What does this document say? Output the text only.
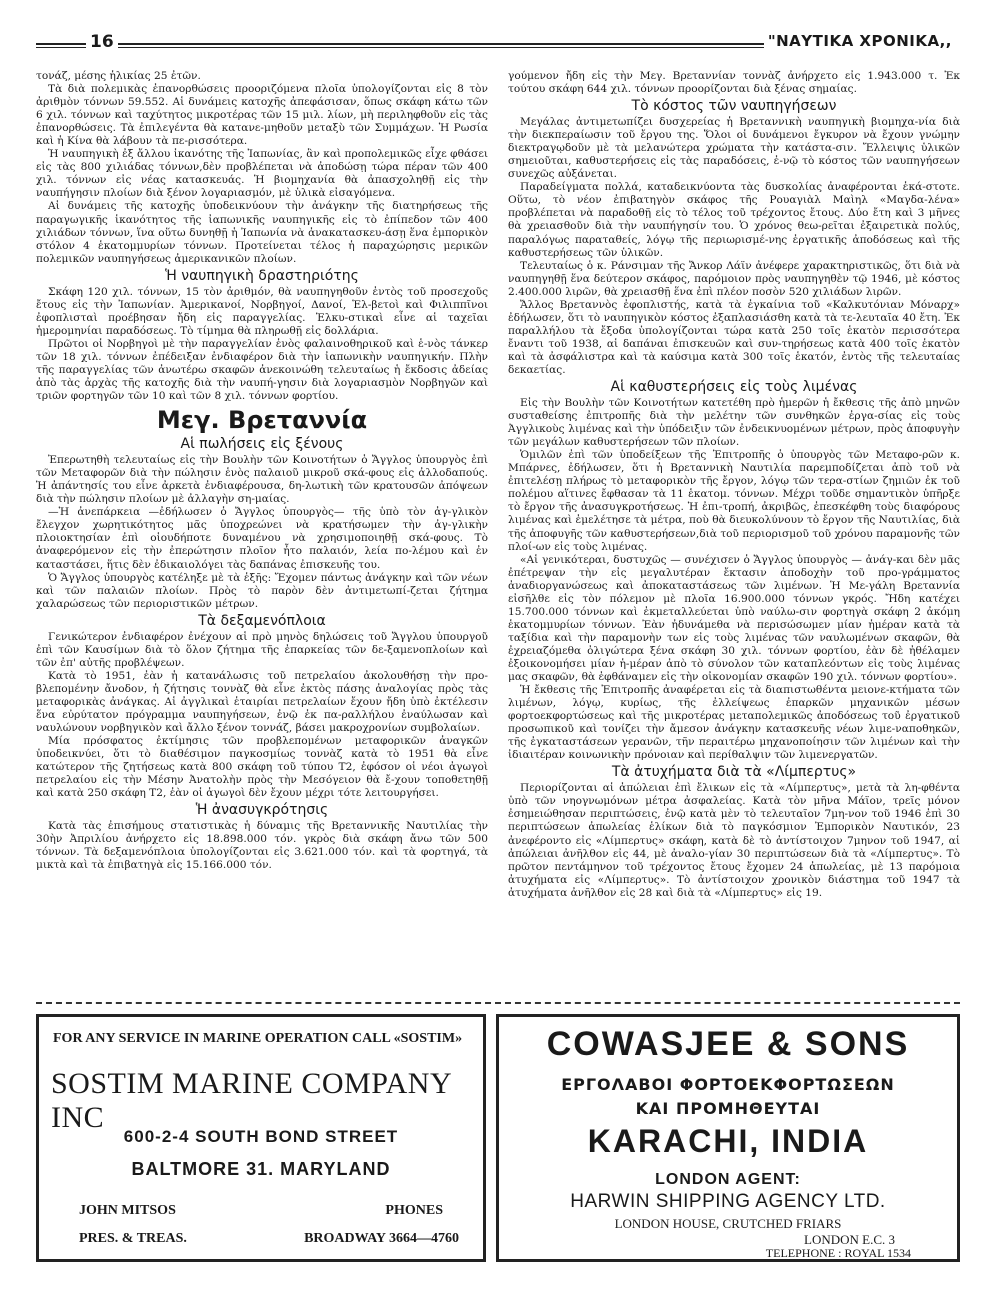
16	"ΝΑΥΤΙΚΑ ΧΡΟΝΙΚΑ,,

τονάζ, μέσης ἡλικίας 25 ἐτῶν.

Τὰ διὰ πολεμικὰς ἐπανορθώσεις προοριζόμενα πλοῖα ὑπολογίζονται εἰς 8 τὸν ἀριθμὸν τόννων 59.552. Αἱ δυνάμεις κατοχῆς ἀπεφάσισαν, ὅπως σκάφη κάτω τῶν 6 χιλ. τόννων καὶ ταχύτητος μικροτέρας τῶν 15 μιλ. λίων, μὴ περιληφθοῦν εἰς τὰς ἐπανορθώσεις. Τὰ ἐπιλεγέντα θὰ κατανε-μηθοῦν μεταξὺ τῶν Συμμάχων. Ἡ Ρωσία καὶ ἡ Κίνα θὰ λάβουν τὰ πε-ρισσότερα.

Ἡ ναυπηγικὴ ἐξ ἄλλου ἱκανότης τῆς Ἰαπωνίας, ἂν καὶ προπολεμικῶς εἶχε φθάσει εἰς τὰς 800 χιλιάδας τόννων,δὲν προβλέπεται νὰ ἀποδώσῃ τώρα πέραν τῶν 400 χιλ. τόννων εἰς νέας κατασκευάς. Ἡ βιομηχανία θὰ ἀπασχοληθῇ εἰς τὴν ναυπήγησιν πλοίων διὰ ξένον λογαριασμόν, μὲ ὑλικὰ εἰσαγόμενα.

Αἱ δυνάμεις τῆς κατοχῆς ὑποδεικνύουν τὴν ἀνάγκην τῆς διατηρήσεως τῆς παραγωγικῆς ἱκανότητος τῆς ἰαπωνικῆς ναυπηγικῆς εἰς τὸ ἐπίπεδον τῶν 400 χιλιάδων τόννων, ἵνα οὕτω δυνηθῇ ἡ Ἰαπωνία νὰ ἀνακατασκευ-άσῃ ἕνα ἐμπορικὸν στόλον 4 ἑκατομμυρίων τόννων. Προτείνεται τέλος ἡ παραχώρησις μερικῶν πολεμικῶν ναυπηγήσεως ἀμερικανικῶν πλοίων.

Ἡ ναυπηγικὴ δραστηριότης

Σκάφη 120 χιλ. τόννων, 15 τὸν ἀριθμόν, θὰ ναυπηγηθοῦν ἐντὸς τοῦ προσεχοῦς ἔτους εἰς τὴν Ἰαπωνίαν. Ἀμερικανοί, Νορβηγοί, Δανοί, Ἑλ-βετοὶ καὶ Φιλιππῖνοι ἐφοπλισταὶ προέβησαν ἤδη εἰς παραγγελίας. Ἑλκυ-στικαὶ εἶνε αἱ ταχεῖαι ἡμερομηνίαι παραδόσεως. Τὸ τίμημα θὰ πληρωθῇ εἰς δολλάρια.

Πρῶτοι οἱ Νορβηγοὶ μὲ τὴν παραγγελίαν ἑνὸς φαλαινοθηρικοῦ καὶ ἑ-νὸς τάνκερ τῶν 18 χιλ. τόννων ἐπέδειξαν ἐνδιαφέρον διὰ τὴν ἰαπωνικὴν ναυπηγικήν. Πλὴν τῆς παραγγελίας τῶν ἀνωτέρω σκαφῶν ἀνεκοινώθη τελευταίως ἡ ἔκδοσις ἀδείας ἀπὸ τὰς ἀρχὰς τῆς κατοχῆς διὰ τὴν ναυπή-γησιν διὰ λογαριασμὸν Νορβηγῶν καὶ τριῶν φορτηγῶν τῶν 10 καὶ τῶν 8 χιλ. τόννων φορτίου.

Μεγ. Βρεταννία
Αἱ πωλήσεις εἰς ξένους

Ἐπερωτηθὴ τελευταίως εἰς τὴν Βουλὴν τῶν Κοινοτήτων ὁ Ἄγγλος ὑπουργὸς ἐπὶ τῶν Μεταφορῶν διὰ τὴν πώλησιν ἑνὸς παλαιοῦ μικροῦ σκά-φους εἰς ἀλλοδαπούς. Ἡ ἀπάντησίς του εἶνε ἀρκετὰ ἐνδιαφέρουσα, δη-λωτικὴ τῶν κρατουσῶν ἀπόψεων διὰ τὴν πώλησιν πλοίων μὲ ἀλλαγὴν ση-μαίας.

—Ἡ ἀνεπάρκεια —ἐδήλωσεν ὁ Ἄγγλος ὑπουργὸς— τῆς ὑπὸ τὸν ἀγ-γλικὸν ἔλεγχον χωρητικότητος μᾶς ὑποχρεώνει νὰ κρατήσωμεν τὴν ἀγ-γλικὴν πλοιοκτησίαν ἐπὶ οἱουδήποτε δυναμένου νὰ χρησιμοποιηθῇ σκά-φους. Τὸ ἀναφερόμενον εἰς τὴν ἐπερώτησιν πλοῖον ἦτο παλαιόν, λεία πο-λέμου καὶ ἐν καταστάσει, ἥτις δὲν ἐδικαιολόγει τὰς δαπάνας ἐπισκευῆς του.

Ὁ Ἄγγλος ὑπουργὸς κατέληξε μὲ τὰ ἑξῆς: Ἔχομεν πάντως ἀνάγκην καὶ τῶν νέων καὶ τῶν παλαιῶν πλοίων. Πρὸς τὸ παρὸν δὲν ἀντιμετωπί-ζεται ζήτημα χαλαρώσεως τῶν περιοριστικῶν μέτρων.

Τὰ δεξαμενόπλοια

Γενικώτερον ἐνδιαφέρον ἐνέχουν αἱ πρὸ μηνὸς δηλώσεις τοῦ Ἄγγλου ὑπουργοῦ ἐπὶ τῶν Καυσίμων διὰ τὸ ὅλον ζήτημα τῆς ἐπαρκείας τῶν δε-ξαμενοπλοίων καὶ τῶν ἐπ' αὐτῆς προβλέψεων.

Κατὰ τὸ 1951, ἐὰν ἡ κατανάλωσις τοῦ πετρελαίου ἀκολουθήσῃ τὴν προ-βλεπομένην ἄνοδον, ἡ ζήτησις τοννὰζ θὰ εἶνε ἐκτὸς πάσης ἀναλογίας πρὸς τὰς μεταφορικὰς ἀνάγκας. Αἱ ἀγγλικαὶ ἑταιρίαι πετρελαίων ἔχουν ἤδη ὑπὸ ἐκτέλεσιν ἕνα εὐρύτατον πρόγραμμα ναυπηγήσεων, ἐνῷ ἐκ πα-ραλλήλου ἐναύλωσαν καὶ ναυλώνουν νορβηγικὸν καὶ ἄλλο ξένον τοννάζ, βάσει μακροχρονίων συμβολαίων.

Μία πρόσφατος ἐκτίμησις τῶν προβλεπομένων μεταφορικῶν ἀναγκῶν ὑποδεικνύει, ὅτι τὸ διαθέσιμον παγκοσμίως τοννὰζ κατὰ τὸ 1951 θὰ εἶνε κατώτερον τῆς ζητήσεως κατὰ 800 σκάφη τοῦ τύπου Τ2, ἐφόσον οἱ νέοι ἀγωγοὶ πετρελαίου εἰς τὴν Μέσην Ἀνατολὴν πρὸς τὴν Μεσόγειον θὰ ἔ-χουν τοποθετηθῇ καὶ κατὰ 250 σκάφη Τ2, ἐὰν οἱ ἀγωγοὶ δὲν ἔχουν μέχρι τότε λειτουργήσει.

Ἡ ἀνασυγκρότησις

Κατὰ τὰς ἐπισήμους στατιστικὰς ἡ δύναμις τῆς Βρεταννικῆς Ναυτιλίας τὴν 30ὴν Ἀπριλίου ἀνήρχετο εἰς 18.898.000 τόν. γκρὸς διὰ σκάφη ἄνω τῶν 500 τόννων. Τὰ δεξαμενόπλοια ὑπολογίζονται εἰς 3.621.000 τόν. καὶ τὰ φορτηγά, τὰ μικτὰ καὶ τὰ ἐπιβατηγὰ εἰς 15.166.000 τόν.

γούμενον ἤδη εἰς τὴν Μεγ. Βρεταννίαν τοννὰζ ἀνήρχετο εἰς 1.943.000 τ. Ἐκ τούτου σκάφη 644 χιλ. τόννων προορίζονται διὰ ξένας σημαίας.

Τὸ κόστος τῶν ναυπηγήσεων

Μεγάλας ἀντιμετωπίζει δυσχερείας ἡ Βρεταννικὴ ναυπηγικὴ βιομηχα-νία διὰ τὴν διεκπεραίωσιν τοῦ ἔργου της. Ὅλοι οἱ δυνάμενοι ἔγκυρον νὰ ἔχουν γνώμην διεκτραγῳδοῦν μὲ τὰ μελανώτερα χρώματα τὴν κατάστα-σιν. Ἔλλειψις ὑλικῶν σημειοῦται, καθυστερήσεις εἰς τὰς παραδόσεις, ἐ-νῷ τὸ κόστος τῶν ναυπηγήσεων συνεχῶς αὐξάνεται.

Παραδείγματα πολλά, καταδεικνύοντα τὰς δυσκολίας ἀναφέρονται ἑκά-στοτε. Οὕτω, τὸ νέον ἐπιβατηγὸν σκάφος τῆς Ρουαγιὰλ Μαὶηλ «Μαγδα-λένα» προβλέπεται νὰ παραδοθῇ εἰς τὸ τέλος τοῦ τρέχοντος ἔτους. Δύο ἔτη καὶ 3 μῆνες θὰ χρειασθοῦν διὰ τὴν ναυπήγησίν του. Ὁ χρόνος θεω-ρεῖται ἐξαιρετικὰ πολύς, παραλόγως παραταθείς, λόγῳ τῆς περιωρισμέ-νης ἐργατικῆς ἀποδόσεως καὶ τῆς καθυστερήσεως τῶν ὑλικῶν.

Τελευταίως ὁ κ. Ράνσιμαν τῆς Ἄνκορ Λάϊν ἀνέφερε χαρακτηριστικῶς, ὅτι διὰ νὰ ναυπηγηθῇ ἕνα δεύτερον σκάφος, παρόμοιον πρὸς ναυπηγηθὲν τῷ 1946, μὲ κόστος 2.400.000 λιρῶν, θὰ χρειασθῇ ἕνα ἐπὶ πλέον ποσὸν 520 χιλιάδων λιρῶν.

Ἄλλος Βρεταννὸς ἐφοπλιστής, κατὰ τὰ ἐγκαίνια τοῦ «Καλκυτόνιαν Μόναρχ» ἐδήλωσεν, ὅτι τὸ ναυπηγικὸν κόστος ἐξαπλασιάσθη κατὰ τὰ τε-λευταῖα 40 ἔτη. Ἐκ παραλλήλου τὰ ἔξοδα ὑπολογίζονται τώρα κατὰ 250 τοῖς ἑκατὸν περισσότερα ἔναντι τοῦ 1938, αἱ δαπάναι ἐπισκευῶν καὶ συν-τηρήσεως κατὰ 400 τοῖς ἑκατὸν καὶ τὰ ἀσφάλιστρα καὶ τὰ καύσιμα κατὰ 300 τοῖς ἑκατόν, ἐντὸς τῆς τελευταίας δεκαετίας.

Αἱ καθυστερήσεις εἰς τοὺς λιμένας

Εἰς τὴν Βουλὴν τῶν Κοινοτήτων κατετέθη πρὸ ἡμερῶν ἡ ἔκθεσις τῆς ἀπὸ μηνῶν συσταθείσης ἐπιτροπῆς διὰ τὴν μελέτην τῶν συνθηκῶν ἐργα-σίας εἰς τοὺς Ἀγγλικοὺς λιμένας καὶ τὴν ὑπόδειξιν τῶν ἐνδεικνυομένων μέτρων, πρὸς ἀποφυγὴν τῶν μεγάλων καθυστερήσεων τῶν πλοίων.

Ὁμιλῶν ἐπὶ τῶν ὑποδείξεων τῆς Ἐπιτροπῆς ὁ ὑπουργὸς τῶν Μεταφο-ρῶν κ. Μπάρνες, ἐδήλωσεν, ὅτι ἡ Βρεταννικὴ Ναυτιλία παρεμποδίζεται ἀπὸ τοῦ νὰ ἐπιτελέσῃ πλήρως τὸ μεταφορικὸν τῆς ἔργον, λόγῳ τῶν τερα-στίων ζημιῶν ἐκ τοῦ πολέμου αἵτινες ἔφθασαν τὰ 11 ἑκατομ. τόννων. Μέχρι τοῦδε σημαντικὸν ὑπῆρξε τὸ ἔργον τῆς ἀνασυγκροτήσεως. Ἡ ἐπι-τροπή, ἀκριβῶς, ἐπεσκέφθη τοὺς διαφόρους λιμένας καὶ ἐμελέτησε τὰ μέτρα, ποὺ θὰ διευκολύνουν τὸ ἔργον τῆς Ναυτιλίας, διὰ τῆς ἀποφυγῆς τῶν καθυστερήσεων,διὰ τοῦ περιορισμοῦ τοῦ χρόνου παραμονῆς τῶν πλοί-ων εἰς τοὺς λιμένας.

«Αἱ γενικότεραι, δυστυχῶς — συνέχισεν ὁ Ἄγγλος ὑπουργὸς — ἀνάγ-και δὲν μᾶς ἐπέτρεψαν τὴν εἰς μεγαλυτέραν ἔκτασιν ἀποδοχὴν τοῦ προ-γράμματος ἀναδιοργανώσεως καὶ ἀποκαταστάσεως τῶν λιμένων. Ἡ Με-γάλη Βρεταννία εἰσῆλθε εἰς τὸν πόλεμον μὲ πλοῖα 16.900.000 τόννων γκρός. Ἤδη κατέχει 15.700.000 τόννων καὶ ἐκμεταλλεύεται ὑπὸ ναύλω-σιν φορτηγὰ σκάφη 2 ἀκόμη ἑκατομμυρίων τόννων. Ἐὰν ἠδυνάμεθα νὰ περισώσωμεν μίαν ἡμέραν κατὰ τὰ ταξίδια καὶ τὴν παραμονὴν των εἰς τοὺς λιμένας τῶν ναυλωμένων σκαφῶν, θὰ ἐχρειαζόμεθα ὀλιγώτερα ξένα σκάφη 30 χιλ. τόννων φορτίου, ἐὰν δὲ ἠθέλαμεν ἐξοικονομήσει μίαν ἡ-μέραν ἀπὸ τὸ σύνολον τῶν καταπλεόντων εἰς τοὺς λιμένας μας σκαφῶν, θὰ ἐφθάναμεν εἰς τὴν οἰκονομίαν σκαφῶν 190 χιλ. τόννων φορτίου».

Ἡ ἔκθεσις τῆς Ἐπιτροπῆς ἀναφέρεται εἰς τὰ διαπιστωθέντα μειονε-κτήματα τῶν λιμένων, λόγῳ, κυρίως, τῆς ἐλλείψεως ἐπαρκῶν μηχανικῶν μέσων φορτοεκφορτώσεως καὶ τῆς μικροτέρας μεταπολεμικῶς ἀποδόσεως τοῦ ἐργατικοῦ προσωπικοῦ καὶ τονίζει τὴν ἄμεσον ἀνάγκην κατασκευῆς νέων λιμε-ναποθηκῶν, τῆς ἐγκαταστάσεων γερανῶν, τῆν περαιτέρω μηχανοποίησιν τῶν λιμένων καὶ τὴν ἰδιαιτέραν κοινωνικὴν πρόνοιαν καὶ περίθαλψιν τῶν λιμενεργατῶν.

Τὰ ἀτυχήματα διὰ τὰ «Λίμπερτυς»

Περιορίζονται αἱ ἀπώλειαι ἐπὶ ἔλικων εἰς τὰ «Λίμπερτυς», μετὰ τὰ λη-φθέντα ὑπὸ τῶν νηογνωμόνων μέτρα ἀσφαλείας. Κατὰ τὸν μῆνα Μάϊον, τρεῖς μόνον ἐσημειώθησαν περιπτώσεις, ἐνῷ κατὰ μὲν τὸ τελευταῖον 7μη-νον τοῦ 1946 ἐπὶ 30 περιπτώσεων ἀπωλείας ἑλίκων διὰ τὸ παγκόσμιον Ἐμπορικὸν Ναυτικόν, 23 ἀνεφέροντο εἰς «Λίμπερτυς» σκάφη, κατὰ δὲ τὸ ἀντίστοιχον 7μηνον τοῦ 1947, αἱ ἀπώλειαι ἀνῆλθον εἰς 44, μὲ ἀναλο-γίαν 30 περιπτώσεων διὰ τὰ «Λίμπερτυς». Τὸ πρῶτον πεντάμηνον τοῦ τρέχοντος ἔτους ἔχομεν 24 ἀπωλείας, μὲ 13 παρόμοια ἀτυχήματα εἰς «Λίμπερτυς». Τὸ ἀντίστοιχον χρονικὸν διάστημα τοῦ 1947 τὰ ἀτυχήματα ἀνῆλθον εἰς 28 καὶ διὰ τὰ «Λίμπερτυς» εἰς 19.

FOR ANY SERVICE IN MARINE OPERATION CALL «SOSTIM»
SOSTIM MARINE COMPANY INC
600-2-4 SOUTH BOND STREET
BALTMORE 31. MARYLAND
JOHN MITSOS	PHONES
PRES. & TREAS.	BROADWAY 3664—4760
COWASJEE & SONS
ΕΡΓΟΛΑΒΟΙ ΦΟΡΤΟΕΚΦΟΡΤΩΣΕΩΝ
ΚΑΙ ΠΡΟΜΗΘΕΥΤΑΙ
KARACHI, INDIA
LONDON AGENT:
HARWIN SHIPPING AGENCY LTD.
LONDON HOUSE, CRUTCHED FRIARS
LONDON E.C. 3
TELEPHONE : ROYAL 1534
